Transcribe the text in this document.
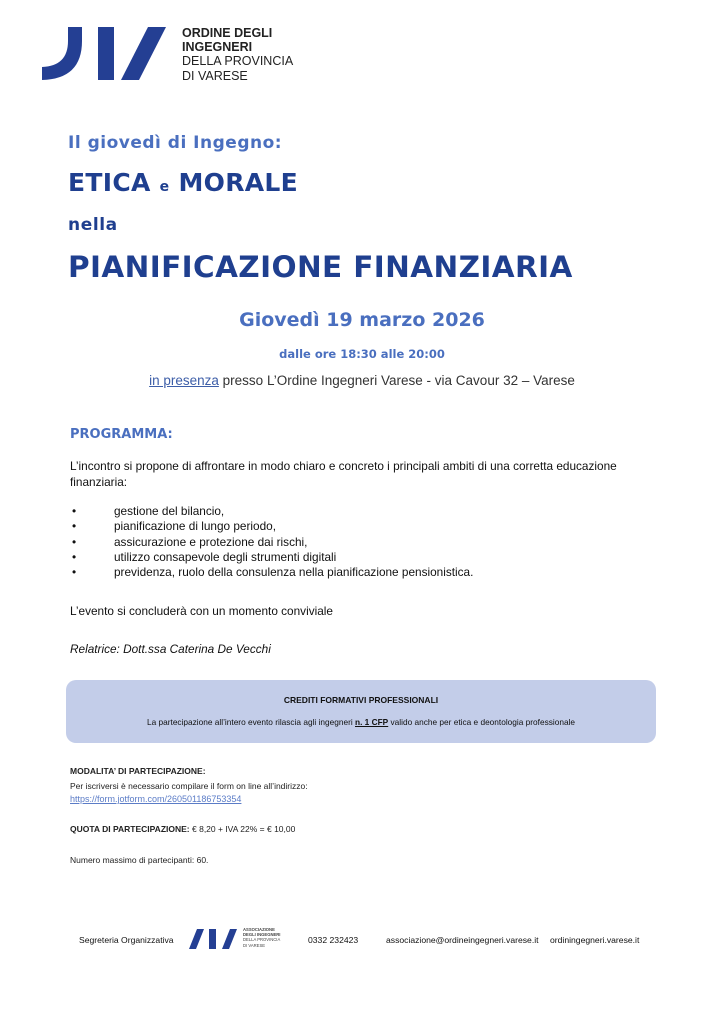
ORDINE DEGLI
INGEGNERI
DELLA PROVINCIA
DI VARESE
Il giovedì di Ingegno:
ETICA e MORALE
nella
PIANIFICAZIONE FINANZIARIA
Giovedì 19 marzo 2026
dalle ore 18:30 alle 20:00
in presenza presso L’Ordine Ingegneri Varese - via Cavour 32 – Varese
PROGRAMMA:
L’incontro si propone di affrontare in modo chiaro e concreto i principali ambiti di una corretta educazione finanziaria:
• gestione del bilancio,
• pianificazione di lungo periodo,
• assicurazione e protezione dai rischi,
• utilizzo consapevole degli strumenti digitali
• previdenza, ruolo della consulenza nella pianificazione pensionistica.
L’evento si concluderà con un momento conviviale
Relatrice: Dott.ssa Caterina De Vecchi
CREDITI FORMATIVI PROFESSIONALI
La partecipazione all’intero evento rilascia agli ingegneri n. 1 CFP valido anche per etica e deontologia professionale
MODALITA’ DI PARTECIPAZIONE:
Per iscriversi è necessario compilare il form on line all’indirizzo:
https://form.jotform.com/260501186753354
QUOTA DI PARTECIPAZIONE: € 8,20 + IVA 22% = € 10,00
Numero massimo di partecipanti: 60.
Segreteria Organizzativa
ASSOCIAZIONE
DEGLI INGEGNERI
DELLA PROVINCIA
DI VARESE
0332 232423	associazione@ordineingegneri.varese.it ordiningegneri.varese.it
